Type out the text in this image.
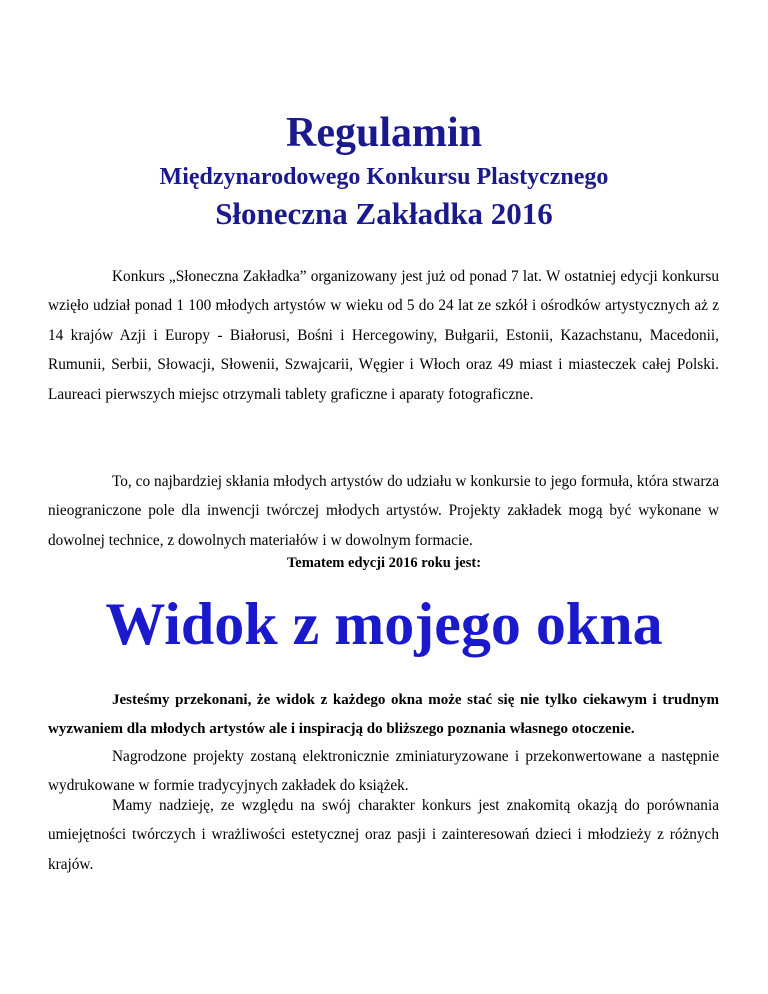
Regulamin
Międzynarodowego Konkursu Plastycznego
Słoneczna Zakładka 2016

Konkurs „Słoneczna Zakładka” organizowany jest już od ponad 7 lat. W ostatniej edycji konkursu wzięło udział ponad 1 100 młodych artystów w wieku od 5 do 24 lat ze szkół i ośrodków artystycznych aż z 14 krajów Azji i Europy - Białorusi, Bośni i Hercegowiny, Bułgarii, Estonii, Kazachstanu, Macedonii, Rumunii, Serbii, Słowacji, Słowenii, Szwajcarii, Węgier i Włoch oraz 49 miast i miasteczek całej Polski. Laureaci pierwszych miejsc otrzymali tablety graficzne i aparaty fotograficzne.

To, co najbardziej skłania młodych artystów do udziału w konkursie to jego formuła, która stwarza nieograniczone pole dla inwencji twórczej młodych artystów. Projekty zakładek mogą być wykonane w dowolnej technice, z dowolnych materiałów i w dowolnym formacie.

Tematem edycji 2016 roku jest:

Widok z mojego okna

Jesteśmy przekonani, że widok z każdego okna może stać się nie tylko ciekawym i trudnym wyzwaniem dla młodych artystów ale i inspiracją do bliższego poznania własnego otoczenie.

Nagrodzone projekty zostaną elektronicznie zminiaturyzowane i przekonwertowane a następnie wydrukowane w formie tradycyjnych zakładek do książek.

Mamy nadzieję, ze względu na swój charakter konkurs jest znakomitą okazją do porównania umiejętności twórczych i wrażliwości estetycznej oraz pasji i zainteresowań dzieci i młodzieży z różnych krajów.
